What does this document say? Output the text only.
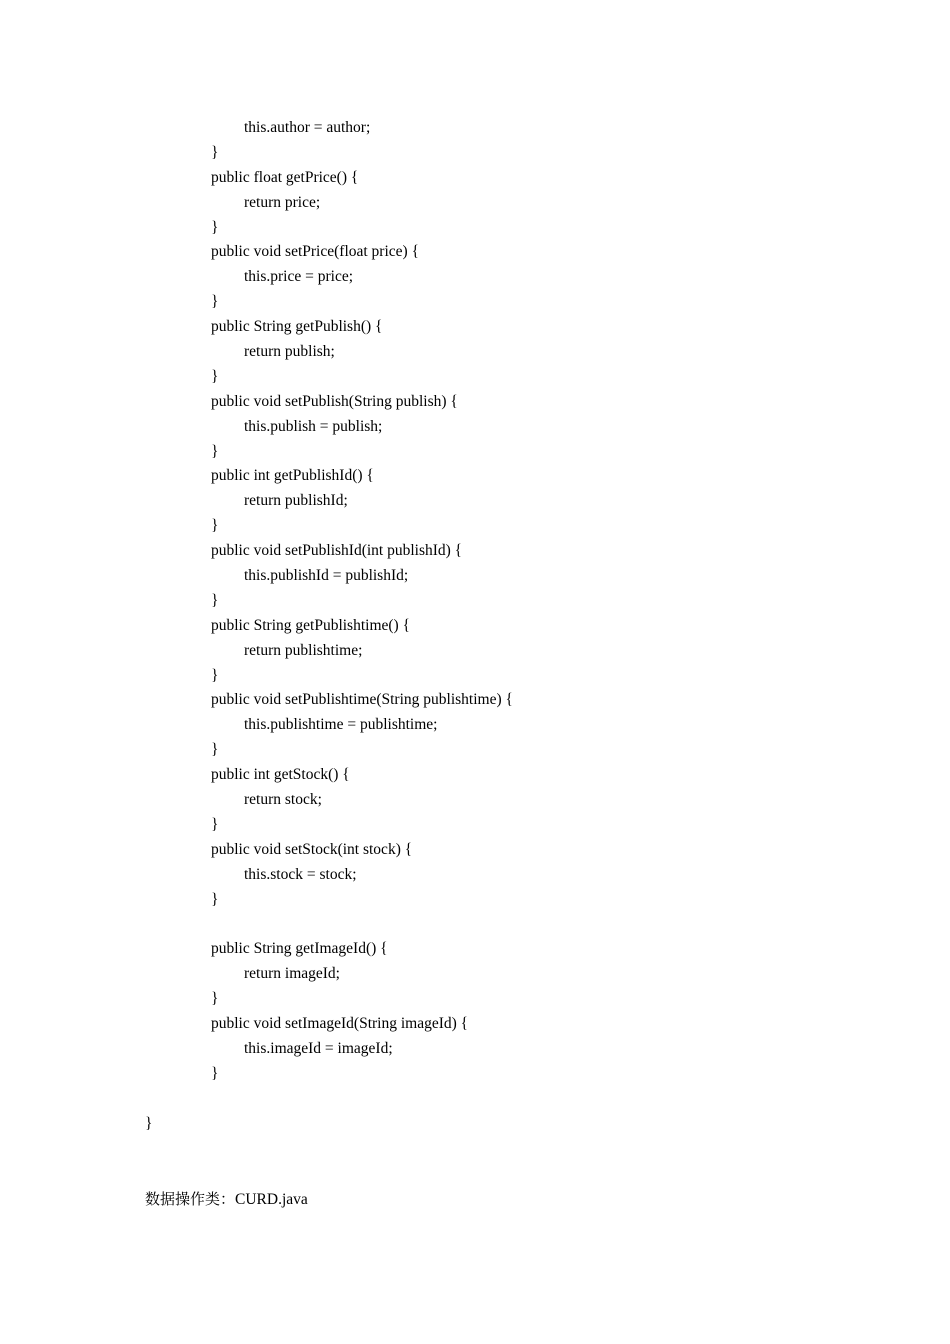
this.author = author;
}
public float getPrice() {
return price;
}
public void setPrice(float price) {
this.price = price;
}
public String getPublish() {
return publish;
}
public void setPublish(String publish) {
this.publish = publish;
}
public int getPublishId() {
return publishId;
}
public void setPublishId(int publishId) {
this.publishId = publishId;
}
public String getPublishtime() {
return publishtime;
}
public void setPublishtime(String publishtime) {
this.publishtime = publishtime;
}
public int getStock() {
return stock;
}
public void setStock(int stock) {
this.stock = stock;
}
public String getImageId() {
return imageId;
}
public void setImageId(String imageId) {
this.imageId = imageId;
}
}
数据操作类：CURD.java
